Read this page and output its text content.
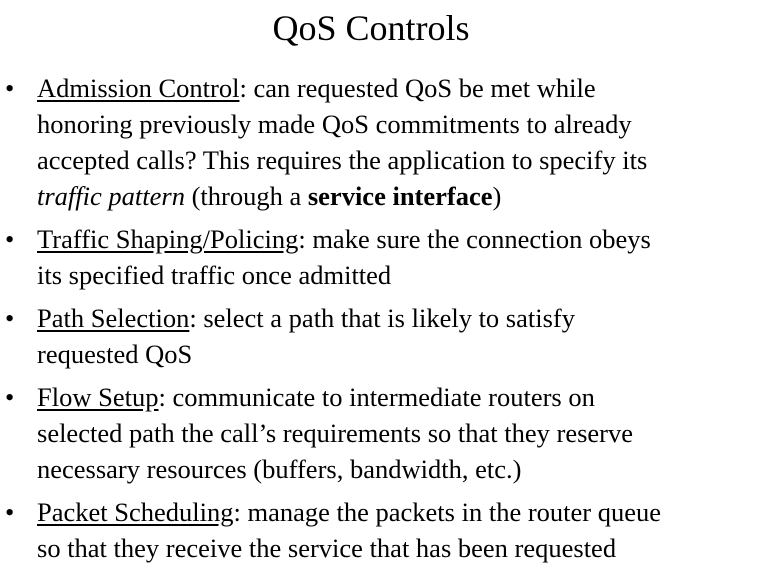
QoS Controls
• Admission Control: can requested QoS be met while
honoring previously made QoS commitments to already
accepted calls? This requires the application to specify its
traffic pattern (through a service interface)
• Traffic Shaping/Policing: make sure the connection obeys
its specified traffic once admitted
• Path Selection: select a path that is likely to satisfy
requested QoS
• Flow Setup: communicate to intermediate routers on
selected path the call’s requirements so that they reserve
necessary resources (buffers, bandwidth, etc.)
• Packet Scheduling: manage the packets in the router queue
so that they receive the service that has been requested
